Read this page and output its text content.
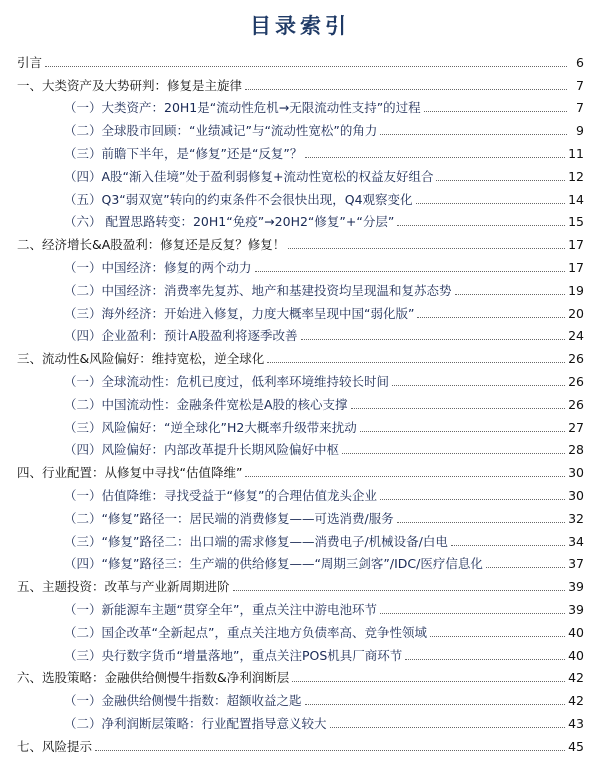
目录索引
引言	6
一、大类资产及大势研判：修复是主旋律	7
（一）大类资产：20H1是“流动性危机→无限流动性支持”的过程	7
（二）全球股市回顾：“业绩减记”与“流动性宽松”的角力	9
（三）前瞻下半年，是“修复”还是“反复”？	11
（四）A股“渐入佳境”处于盈利弱修复+流动性宽松的权益友好组合	12
（五）Q3“弱双宽”转向的约束条件不会很快出现，Q4观察变化	14
（六） 配置思路转变：20H1“免疫”→20H2“修复”+“分层”	15
二、经济增长&A股盈利：修复还是反复？修复！	17
（一）中国经济：修复的两个动力	17
（二）中国经济：消费率先复苏、地产和基建投资均呈现温和复苏态势	19
（三）海外经济：开始进入修复，力度大概率呈现中国“弱化版”	20
（四）企业盈利：预计A股盈利将逐季改善	24
三、流动性&风险偏好：维持宽松，逆全球化	26
（一）全球流动性：危机已度过，低利率环境维持较长时间	26
（二）中国流动性：金融条件宽松是A股的核心支撑	26
（三）风险偏好：“逆全球化”H2大概率升级带来扰动	27
（四）风险偏好：内部改革提升长期风险偏好中枢	28
四、行业配置：从修复中寻找“估值降维”	30
（一）估值降维：寻找受益于“修复”的合理估值龙头企业	30
（二）“修复”路径一：居民端的消费修复——可选消费/服务	32
（三）“修复”路径二：出口端的需求修复——消费电子/机械设备/白电	34
（四）“修复”路径三：生产端的供给修复——“周期三剑客”/IDC/医疗信息化	37
五、主题投资：改革与产业新周期进阶	39
（一）新能源车主题“贯穿全年”，重点关注中游电池环节	39
（二）国企改革“全新起点”，重点关注地方负债率高、竞争性领域	40
（三）央行数字货币“增量落地”，重点关注POS机具厂商环节	40
六、选股策略：金融供给侧慢牛指数&净利润断层	42
（一）金融供给侧慢牛指数：超额收益之匙	42
（二）净利润断层策略：行业配置指导意义较大	43
七、风险提示	45
